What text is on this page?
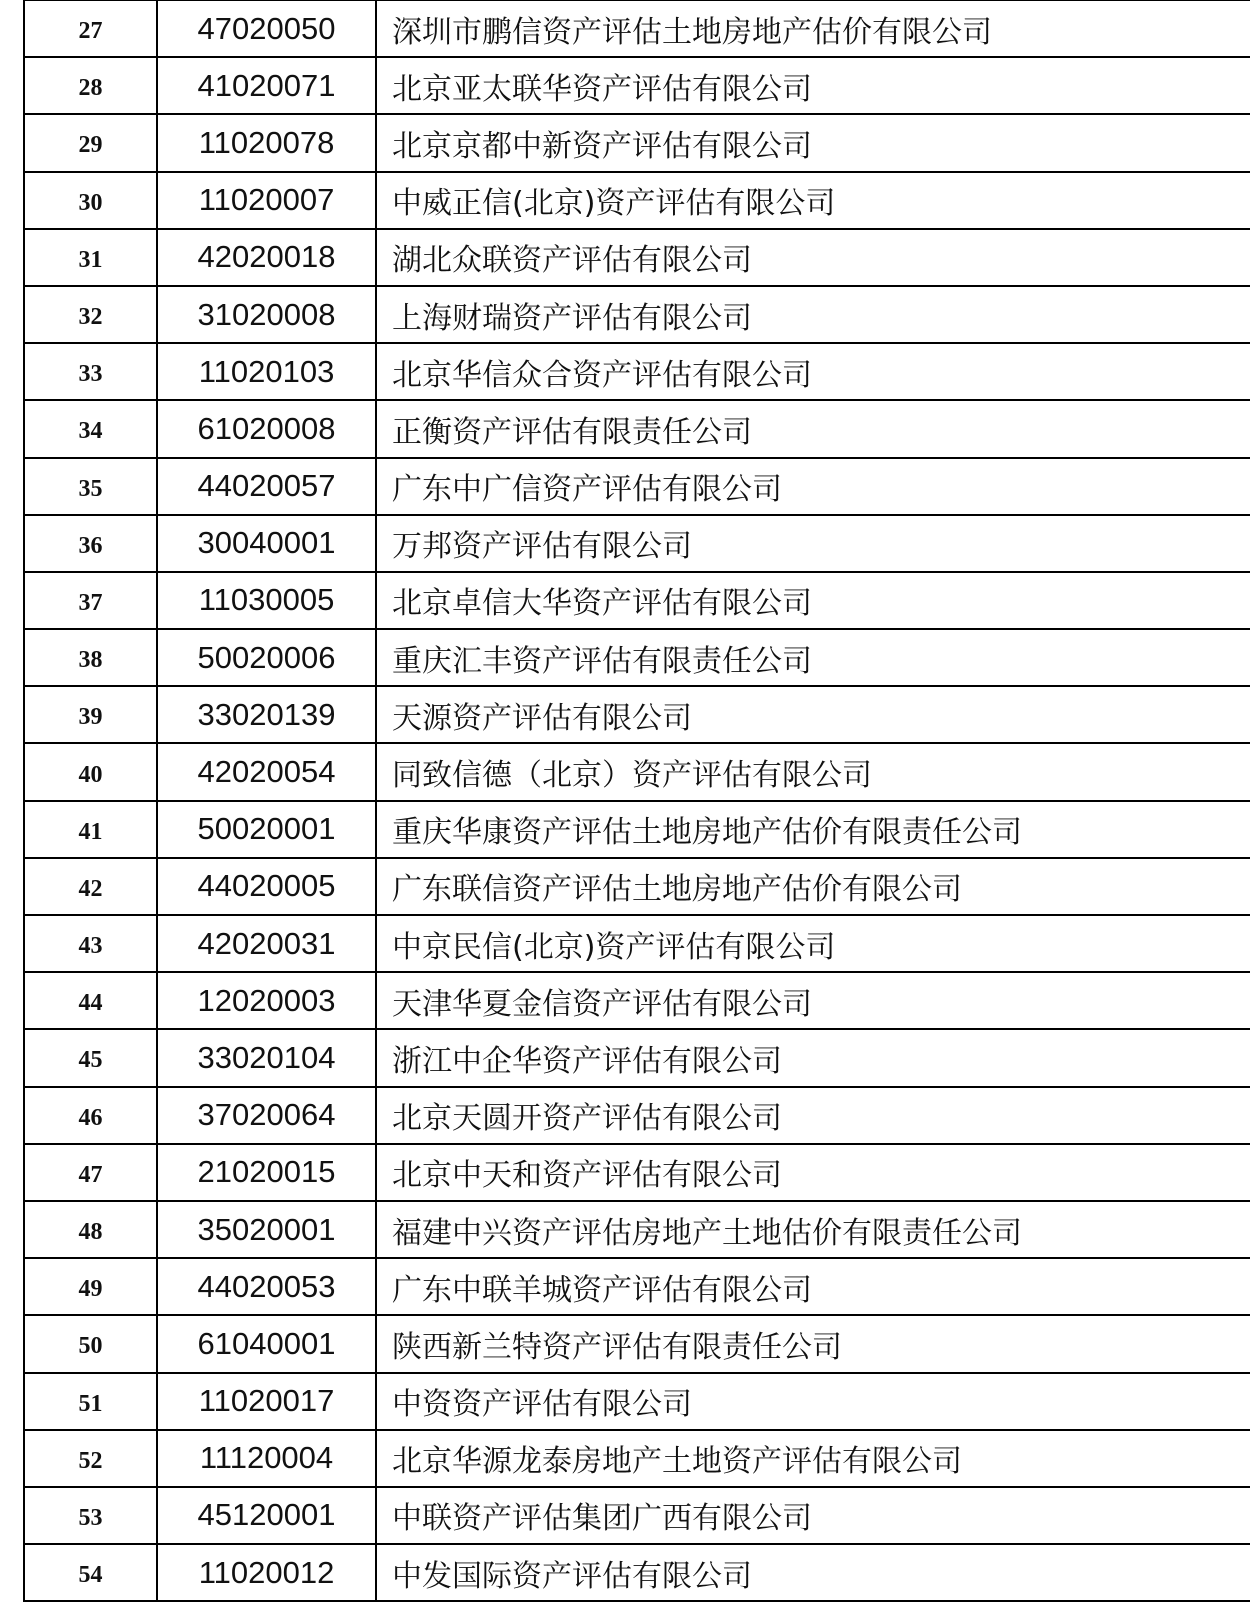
27	47020050	深圳市鹏信资产评估土地房地产估价有限公司
28	41020071	北京亚太联华资产评估有限公司
29	11020078	北京京都中新资产评估有限公司
30	11020007	中威正信(北京)资产评估有限公司
31	42020018	湖北众联资产评估有限公司
32	31020008	上海财瑞资产评估有限公司
33	11020103	北京华信众合资产评估有限公司
34	61020008	正衡资产评估有限责任公司
35	44020057	广东中广信资产评估有限公司
36	30040001	万邦资产评估有限公司
37	11030005	北京卓信大华资产评估有限公司
38	50020006	重庆汇丰资产评估有限责任公司
39	33020139	天源资产评估有限公司
40	42020054	同致信德（北京）资产评估有限公司
41	50020001	重庆华康资产评估土地房地产估价有限责任公司
42	44020005	广东联信资产评估土地房地产估价有限公司
43	42020031	中京民信(北京)资产评估有限公司
44	12020003	天津华夏金信资产评估有限公司
45	33020104	浙江中企华资产评估有限公司
46	37020064	北京天圆开资产评估有限公司
47	21020015	北京中天和资产评估有限公司
48	35020001	福建中兴资产评估房地产土地估价有限责任公司
49	44020053	广东中联羊城资产评估有限公司
50	61040001	陕西新兰特资产评估有限责任公司
51	11020017	中资资产评估有限公司
52	11120004	北京华源龙泰房地产土地资产评估有限公司
53	45120001	中联资产评估集团广西有限公司
54	11020012	中发国际资产评估有限公司
